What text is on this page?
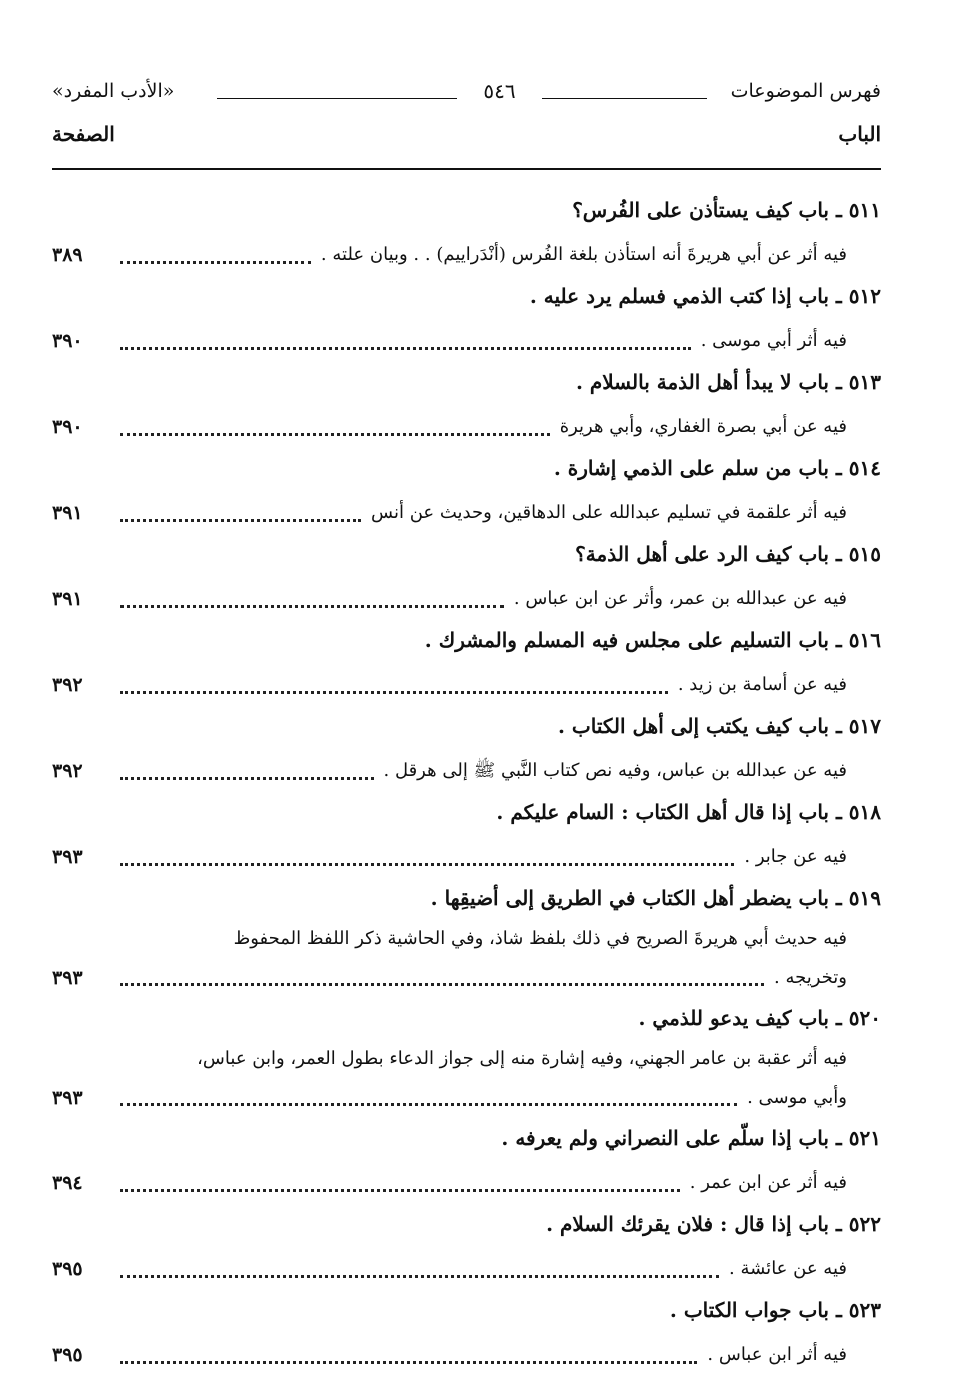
فهرس الموضوعات
٥٤٦
«الأدب المفرد»
الباب
الصفحة
٥١١ ـ باب كيف يستأذن على الفُرس؟
فيه أثر عن أبي هريرةَ أنه استأذن بلغة الفُرس (أنْدَراييم) . . وبيان علته .
٣٨٩
٥١٢ ـ باب إذا كتب الذمي فسلم يرد عليه .
فيه أثر أبي موسى .
٣٩٠
٥١٣ ـ باب لا يبدأ أهل الذمة بالسلام .
فيه عن أبي بصرة الغفاري، وأبي هريرة
٣٩٠
٥١٤ ـ باب من سلم على الذمي إشارة .
فيه أثر علقمة في تسليم عبدالله على الدهاقين، وحديث عن أنس
٣٩١
٥١٥ ـ باب كيف الرد على أهل الذمة؟
فيه عن عبدالله بن عمر، وأثر عن ابن عباس .
٣٩١
٥١٦ ـ باب التسليم على مجلس فيه المسلم والمشرك .
فيه عن أسامة بن زيد .
٣٩٢
٥١٧ ـ باب كيف يكتب إلى أهل الكتاب .
فيه عن عبدالله بن عباس، وفيه نص كتاب النَّبي ﷺ إلى هرقل .
٣٩٢
٥١٨ ـ باب إذا قال أهل الكتاب : السام عليكم .
فيه عن جابر .
٣٩٣
٥١٩ ـ باب يضطر أهل الكتاب في الطريق إلى أضيقِها .
فيه حديث أبي هريرةَ الصريح في ذلك بلفظ شاذ، وفي الحاشية ذكر اللفظ المحفوظ
وتخريجه .
٣٩٣
٥٢٠ ـ باب كيف يدعو للذمي .
فيه أثر عقبة بن عامر الجهني، وفيه إشارة منه إلى جواز الدعاء بطول العمر، وابن عباس،
وأبي موسى .
٣٩٣
٥٢١ ـ باب إذا سلّم على النصراني ولم يعرفه .
فيه أثر عن ابن عمر .
٣٩٤
٥٢٢ ـ باب إذا قال : فلان يقرئك السلام .
فيه عن عائشة .
٣٩٥
٥٢٣ ـ باب جواب الكتاب .
فيه أثر ابن عباس .
٣٩٥
